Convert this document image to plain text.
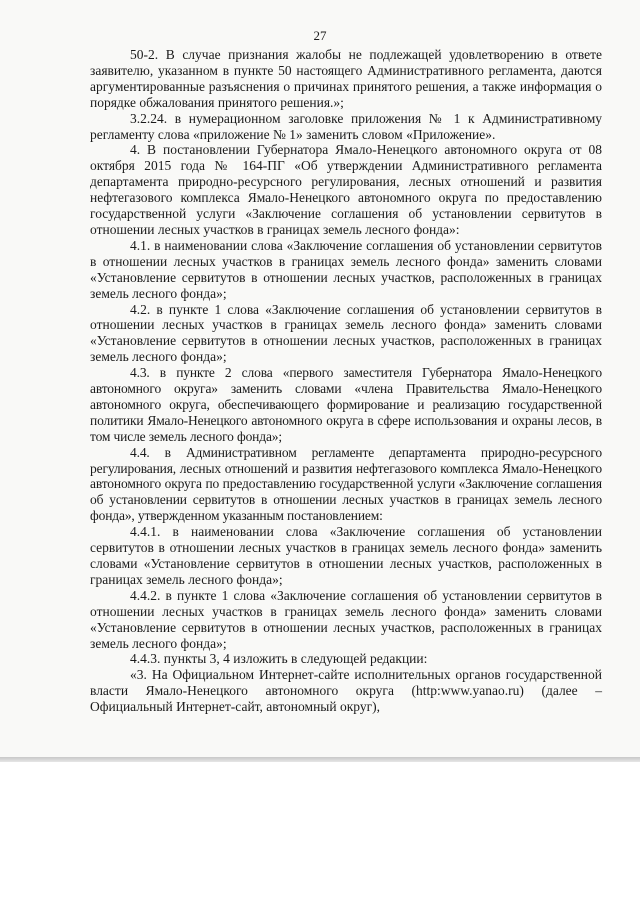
27

50-2. В случае признания жалобы не подлежащей удовлетворению в ответе заявителю, указанном в пункте 50 настоящего Административного регламента, даются аргументированные разъяснения о причинах принятого решения, а также информация о порядке обжалования принятого решения.»;

3.2.24. в нумерационном заголовке приложения № 1 к Административному регламенту слова «приложение № 1» заменить словом «Приложение».

4. В постановлении Губернатора Ямало-Ненецкого автономного округа от 08 октября 2015 года № 164-ПГ «Об утверждении Административного регламента департамента природно-ресурсного регулирования, лесных отношений и развития нефтегазового комплекса Ямало-Ненецкого автономного округа по предоставлению государственной услуги «Заключение соглашения об установлении сервитутов в отношении лесных участков в границах земель лесного фонда»:

4.1. в наименовании слова «Заключение соглашения об установлении сервитутов в отношении лесных участков в границах земель лесного фонда» заменить словами «Установление сервитутов в отношении лесных участков, расположенных в границах земель лесного фонда»;

4.2. в пункте 1 слова «Заключение соглашения об установлении сервитутов в отношении лесных участков в границах земель лесного фонда» заменить словами «Установление сервитутов в отношении лесных участков, расположенных в границах земель лесного фонда»;

4.3. в пункте 2 слова «первого заместителя Губернатора Ямало-Ненецкого автономного округа» заменить словами «члена Правительства Ямало-Ненецкого автономного округа, обеспечивающего формирование и реализацию государственной политики Ямало-Ненецкого автономного округа в сфере использования и охраны лесов, в том числе земель лесного фонда»;

4.4. в Административном регламенте департамента природно-ресурсного регулирования, лесных отношений и развития нефтегазового комплекса Ямало-Ненецкого автономного округа по предоставлению государственной услуги «Заключение соглашения об установлении сервитутов в отношении лесных участков в границах земель лесного фонда», утвержденном указанным постановлением:

4.4.1. в наименовании слова «Заключение соглашения об установлении сервитутов в отношении лесных участков в границах земель лесного фонда» заменить словами «Установление сервитутов в отношении лесных участков, расположенных в границах земель лесного фонда»;

4.4.2. в пункте 1 слова «Заключение соглашения об установлении сервитутов в отношении лесных участков в границах земель лесного фонда» заменить словами «Установление сервитутов в отношении лесных участков, расположенных в границах земель лесного фонда»;

4.4.3. пункты 3, 4 изложить в следующей редакции:

«3. На Официальном Интернет-сайте исполнительных органов государственной власти Ямало-Ненецкого автономного округа (http:www.yanao.ru) (далее – Официальный Интернет-сайт, автономный округ),
